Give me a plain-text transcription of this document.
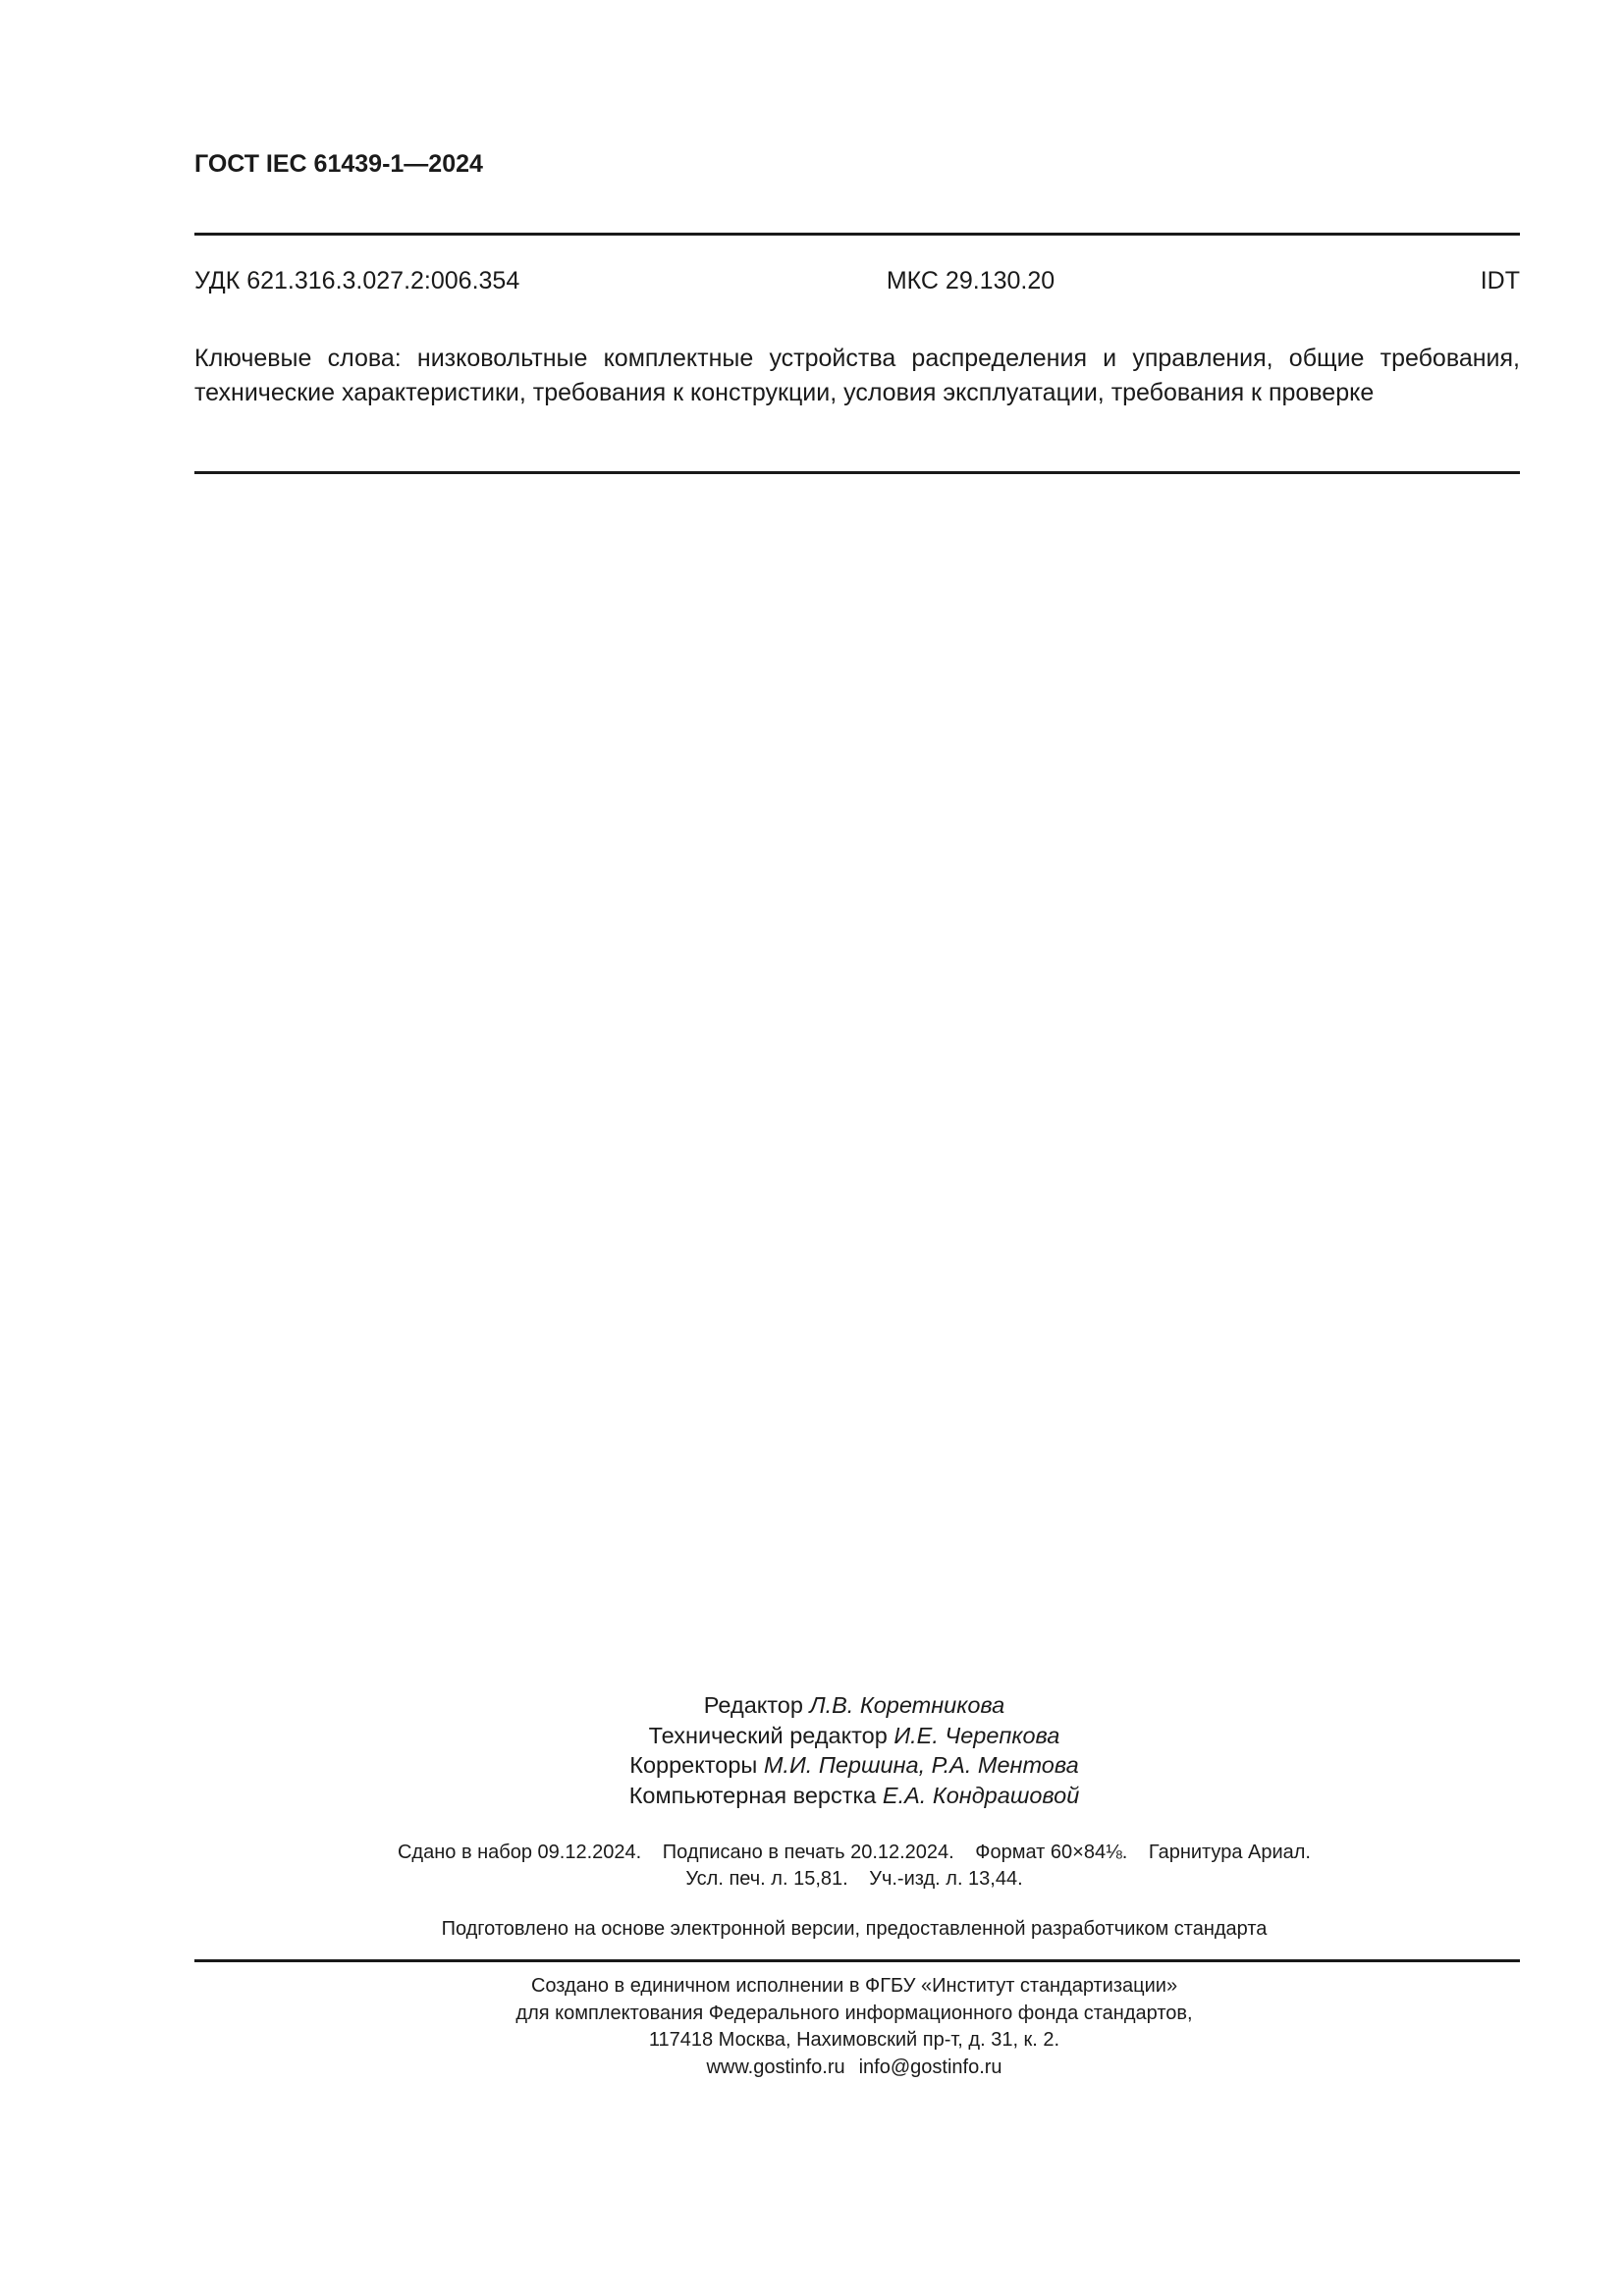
ГОСТ IEC 61439-1—2024
УДК 621.316.3.027.2:006.354	МКС 29.130.20	IDT
Ключевые слова: низковольтные комплектные устройства распределения и управления, общие требования, технические характеристики, требования к конструкции, условия эксплуатации, требования к проверке
Редактор Л.В. Коретникова
Технический редактор И.Е. Черепкова
Корректоры М.И. Першина, Р.А. Ментова
Компьютерная верстка Е.А. Кондрашовой
Сдано в набор 09.12.2024. Подписано в печать 20.12.2024. Формат 60×84⅛. Гарнитура Ариал.
Усл. печ. л. 15,81. Уч.-изд. л. 13,44.
Подготовлено на основе электронной версии, предоставленной разработчиком стандарта
Создано в единичном исполнении в ФГБУ «Институт стандартизации»
для комплектования Федерального информационного фонда стандартов,
117418 Москва, Нахимовский пр-т, д. 31, к. 2.
www.gostinfo.ru info@gostinfo.ru
